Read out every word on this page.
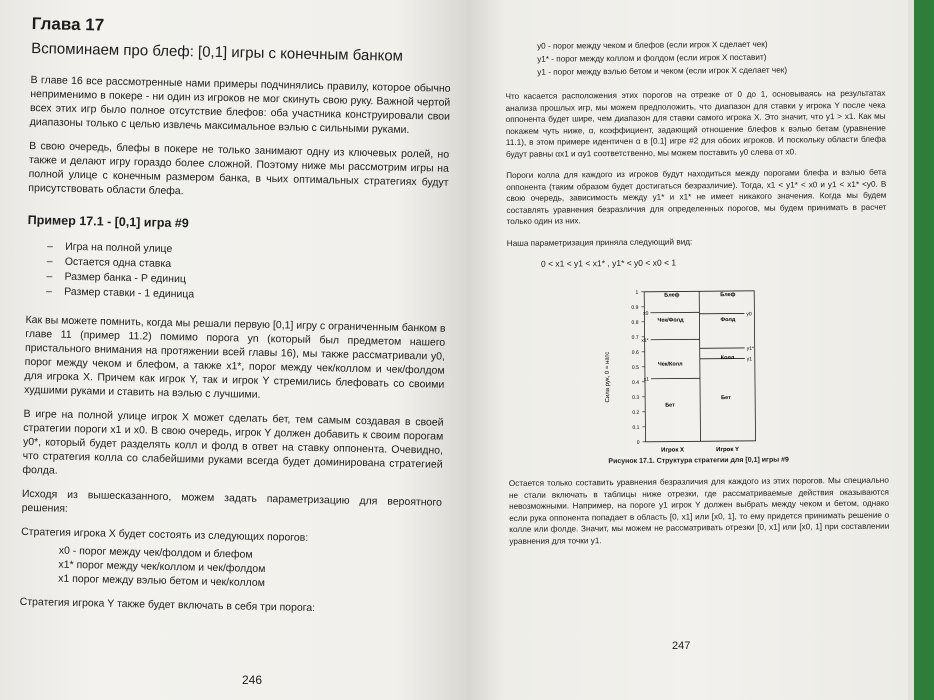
Глава 17
Вспоминаем про блеф: [0,1] игры с конечным банком

В главе 16 все рассмотренные нами примеры подчинялись правилу, которое обычно неприменимо в покере - ни один из игроков не мог скинуть свою руку. Важной чертой всех этих игр было полное отсутствие блефов: оба участника конструировали свои диапазоны только с целью извлечь максимальное вэлью с сильными руками.

В свою очередь, блефы в покере не только занимают одну из ключевых ролей, но также и делают игру гораздо более сложной. Поэтому ниже мы рассмотрим игры на полной улице с конечным размером банка, в чьих оптимальных стратегиях будут присутствовать области блефа.

Пример 17.1 - [0,1] игра #9
– Игра на полной улице
– Остается одна ставка
– Размер банка - P единиц
– Размер ставки - 1 единица

Как вы можете помнить, когда мы решали первую [0,1] игру с ограниченным банком в главе 11 (пример 11.2) помимо порога yn (который был предметом нашего пристального внимания на протяжении всей главы 16), мы также рассматривали y0, порог между чеком и блефом, а также x1*, порог между чек/коллом и чек/фолдом для игрока X. Причем как игрок Y, так и игрок Y стремились блефовать со своими худшими руками и ставить на вэлью с лучшими.

В игре на полной улице игрок X может сделать бет, тем самым создавая в своей стратегии пороги x1 и x0. В свою очередь, игрок Y должен добавить к своим порогам y0*, который будет разделять колл и фолд в ответ на ставку оппонента. Очевидно, что стратегия колла со слабейшими руками всегда будет доминирована стратегией фолда.

Исходя из вышесказанного, можем задать параметризацию для вероятного решения:

Стратегия игрока X будет состоять из следующих порогов:

x0 - порог между чек/фолдом и блефом
x1* порог между чек/коллом и чек/фолдом
x1 порог между вэлью бетом и чек/коллом

Стратегия игрока Y также будет включать в себя три порога:

246
y0 - порог между чеком и блефов (если игрок X сделает чек)
y1* - порог между коллом и фолдом (если игрок X поставит)
y1 - порог между вэлью бетом и чеком (если игрок X сделает чек)

Что касается расположения этих порогов на отрезке от 0 до 1, основываясь на результатах анализа прошлых игр, мы можем предположить, что диапазон для ставки у игрока Y после чека оппонента будет шире, чем диапазон для ставки самого игрока X. Это значит, что y1 > x1. Как мы покажем чуть ниже, α, коэффициент, задающий отношение блефов к вэлью бетам (уравнение 11.1), в этом примере идентичен α в [0.1] игре #2 для обоих игроков. И поскольку области блефа будут равны αx1 и αy1 соответственно, мы можем поставить y0 слева от x0.

Пороги колла для каждого из игроков будут находиться между порогами блефа и вэлью бета оппонента (таким образом будет достигаться безразличие). Тогда, x1 < y1* < x0 и y1 < x1* <y0. В свою очередь, зависимость между y1* и x1* не имеет никакого значения. Когда мы будем составлять уравнения безразличия для определенных порогов, мы будем принимать в расчет только один из них.

Наша параметризация приняла следующий вид:

0 < x1 < y1 < x1* , y1* < y0 < x0 < 1
Сила рук, 0 = натс
1
0.9
0.8
0.7
0.6
0.5
0.4
0.3
0.2
0.1
0
x0
x1*
x1
y0
y1*
y1
Игрок X	Игрок Y
Блеф
Чек/Фолд
Чек/Колл
Бет
Блеф
Фолд
Колл
Бет
Рисунок 17.1. Структура стратегии для [0,1] игры #9

Остается только составить уравнения безразличия для каждого из этих порогов. Мы специально не стали включать в таблицы ниже отрезки, где рассматриваемые действия оказываются невозможными. Например, на пороге y1 игрок Y должен выбрать между чеком и бетом, однако если рука оппонента попадает в область [0, x1] или [x0, 1], то ему придется принимать решение о колле или фолде. Значит, мы можем не рассматривать отрезки [0, x1] или [x0, 1] при составлении уравнения для точки y1.

247
